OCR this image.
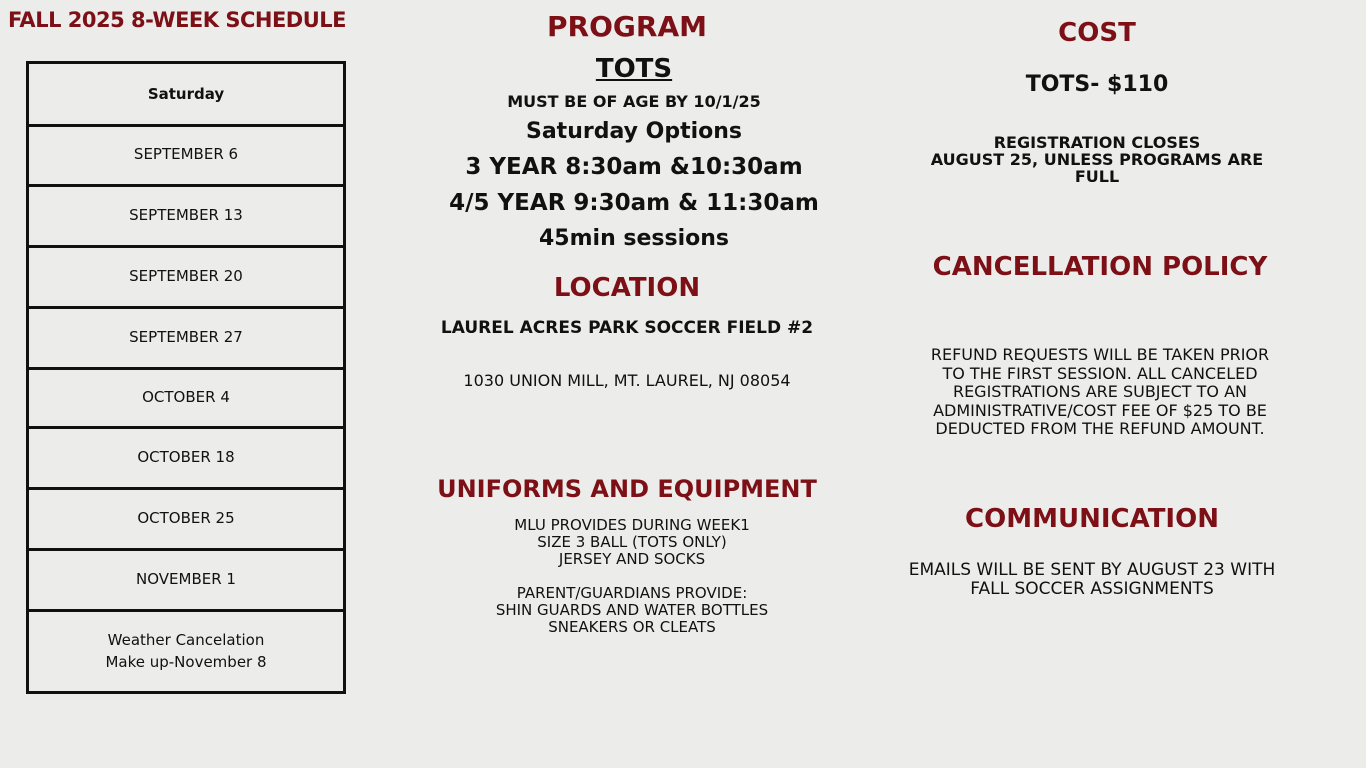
FALL 2025 8-WEEK SCHEDULE
Saturday
SEPTEMBER 6
SEPTEMBER 13
SEPTEMBER 20
SEPTEMBER 27
OCTOBER 4
OCTOBER 18
OCTOBER 25
NOVEMBER 1
Weather Cancelation
Make up-November 8
PROGRAM
TOTS
MUST BE OF AGE BY 10/1/25
Saturday Options
3 YEAR 8:30am &10:30am
4/5 YEAR 9:30am & 11:30am
45min sessions
LOCATION
LAUREL ACRES PARK SOCCER FIELD #2
1030 UNION MILL, MT. LAUREL, NJ 08054
UNIFORMS AND EQUIPMENT
MLU PROVIDES DURING WEEK1
SIZE 3 BALL (TOTS ONLY)
JERSEY AND SOCKS
PARENT/GUARDIANS PROVIDE:
SHIN GUARDS AND WATER BOTTLES
SNEAKERS OR CLEATS
COST
TOTS- $110
REGISTRATION CLOSES
AUGUST 25, UNLESS PROGRAMS ARE
FULL
CANCELLATION POLICY
REFUND REQUESTS WILL BE TAKEN PRIOR TO THE FIRST SESSION. ALL CANCELED REGISTRATIONS ARE SUBJECT TO AN ADMINISTRATIVE/COST FEE OF $25 TO BE DEDUCTED FROM THE REFUND AMOUNT.
COMMUNICATION
EMAILS WILL BE SENT BY AUGUST 23 WITH FALL SOCCER ASSIGNMENTS
